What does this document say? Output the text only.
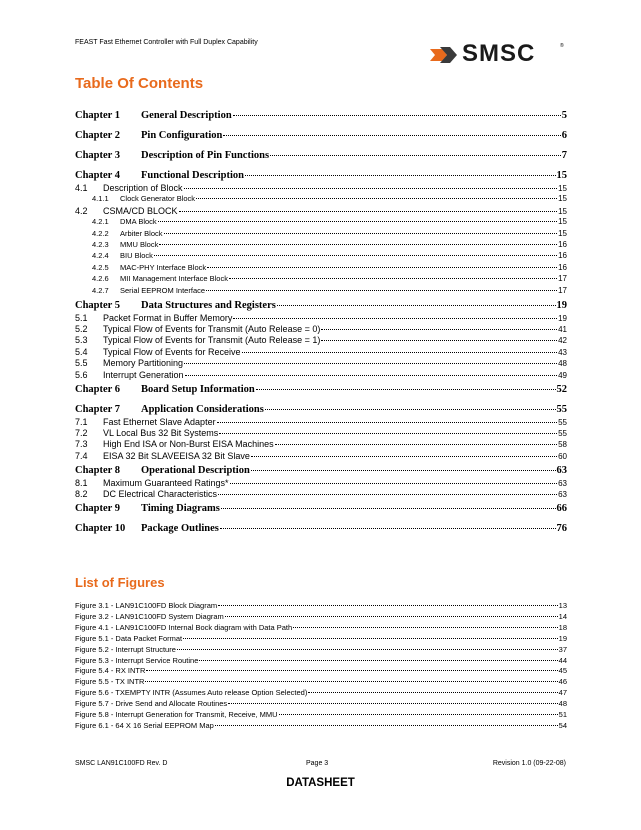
FEAST Fast Ethernet Controller with Full Duplex Capability	SMSC	®
Table Of Contents
Chapter 1	General Description	5
Chapter 2	Pin Configuration	6
Chapter 3	Description of Pin Functions	7
Chapter 4	Functional Description	15
4.1	Description of Block	15
4.1.1	Clock Generator Block	15
4.2	CSMA/CD BLOCK	15
4.2.1	DMA Block	15
4.2.2	Arbiter Block	15
4.2.3	MMU Block	16
4.2.4	BIU Block	16
4.2.5	MAC-PHY Interface Block	16
4.2.6	MII Management Interface Block	17
4.2.7	Serial EEPROM Interface	17
Chapter 5	Data Structures and Registers	19
5.1	Packet Format in Buffer Memory	19
5.2	Typical Flow of Events for Transmit (Auto Release = 0)	41
5.3	Typical Flow of Events for Transmit (Auto Release = 1)	42
5.4	Typical Flow of Events for Receive	43
5.5	Memory Partitioning	48
5.6	Interrupt Generation	49
Chapter 6	Board Setup Information	52
Chapter 7	Application Considerations	55
7.1	Fast Ethernet Slave Adapter	55
7.2	VL Local Bus 32 Bit Systems	55
7.3	High End ISA or Non-Burst EISA Machines	58
7.4	EISA 32 Bit SLAVEEISA 32 Bit Slave	60
Chapter 8	Operational Description	63
8.1	Maximum Guaranteed Ratings*	63
8.2	DC Electrical Characteristics	63
Chapter 9	Timing Diagrams	66
Chapter 10	Package Outlines	76
List of Figures
Figure 3.1 - LAN91C100FD Block Diagram	13
Figure 3.2 - LAN91C100FD System Diagram	14
Figure 4.1 - LAN91C100FD Internal Bock diagram with Data Path	18
Figure 5.1 - Data Packet Format	19
Figure 5.2 - Interrupt Structure	37
Figure 5.3 - Interrupt Service Routine	44
Figure 5.4 - RX INTR	45
Figure 5.5 - TX INTR	46
Figure 5.6 - TXEMPTY INTR (Assumes Auto release Option Selected)	47
Figure 5.7 - Drive Send and Allocate Routines	48
Figure 5.8 - Interrupt Generation for Transmit, Receive, MMU	51
Figure 6.1 - 64 X 16 Serial EEPROM Map	54
SMSC LAN91C100FD Rev. D	Page 3	Revision 1.0 (09-22-08)
DATASHEET
